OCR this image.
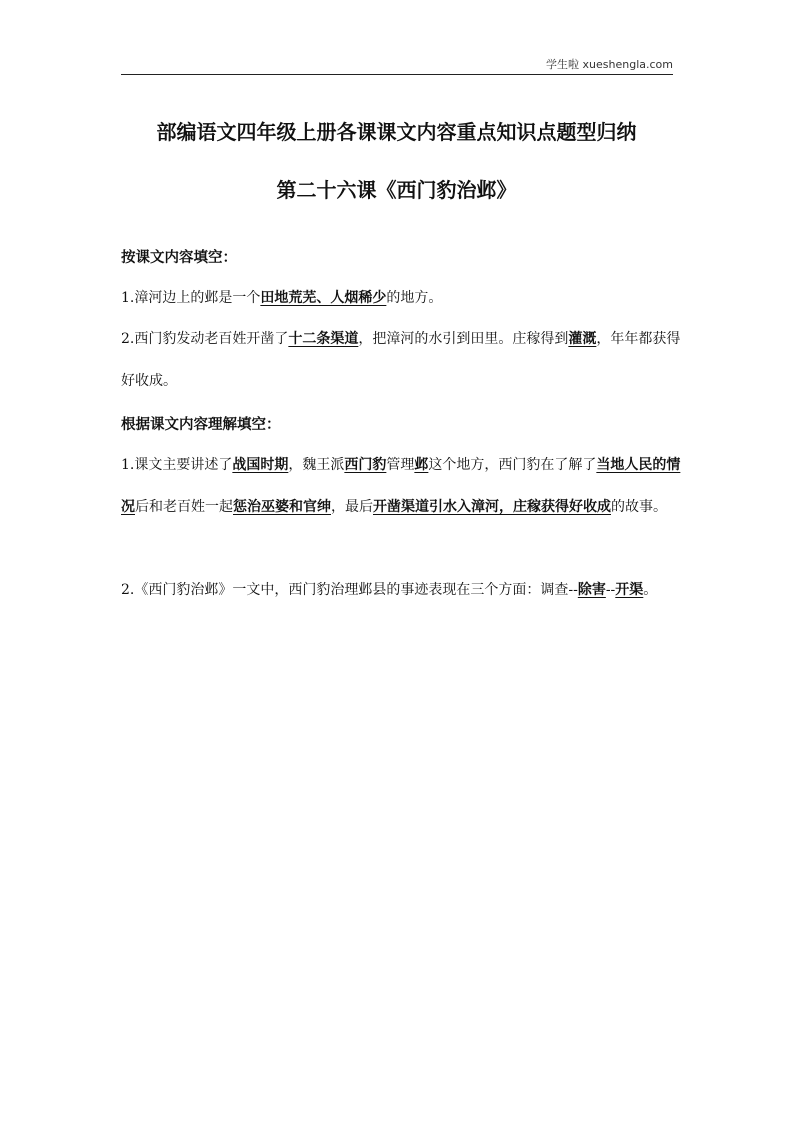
学生啦 xueshengla.com
部编语文四年级上册各课课文内容重点知识点题型归纳
第二十六课《西门豹治邺》
按课文内容填空：
1.漳河边上的邺是一个田地荒芜、人烟稀少的地方。
2.西门豹发动老百姓开凿了十二条渠道，把漳河的水引到田里。庄稼得到灌溉，年年都获得好收成。
根据课文内容理解填空：
1.课文主要讲述了战国时期，魏王派西门豹管理邺这个地方，西门豹在了解了当地人民的情况后和老百姓一起惩治巫婆和官绅，最后开凿渠道引水入漳河，庄稼获得好收成的故事。
2.《西门豹治邺》一文中，西门豹治理邺县的事迹表现在三个方面：调查--除害--开渠。
